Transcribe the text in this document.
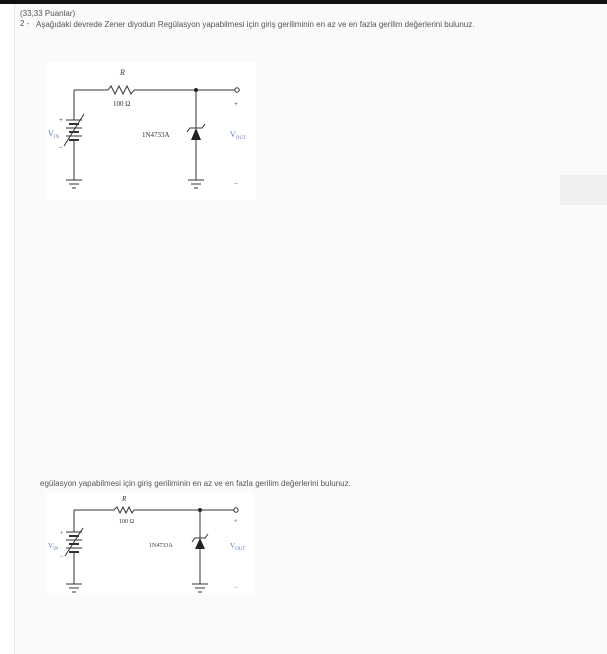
(33,33 Puanlar)
2 - Aşağıdaki devrede Zener diyodun Regülasyon yapabilmesi için giriş geriliminin en az ve en fazla gerilim değerlerini bulunuz.
R
100 Ω
1N4733A
+
−
+
−
$V_{IN}$	$V_{OUT}$
egülasyon yapabilmesi için giriş geriliminin en az ve en fazla gerilim değerlerini bulunuz.
R
100 Ω
1N4733A
+
−
+
−
$V_{IN}$	$V_{OUT}$
